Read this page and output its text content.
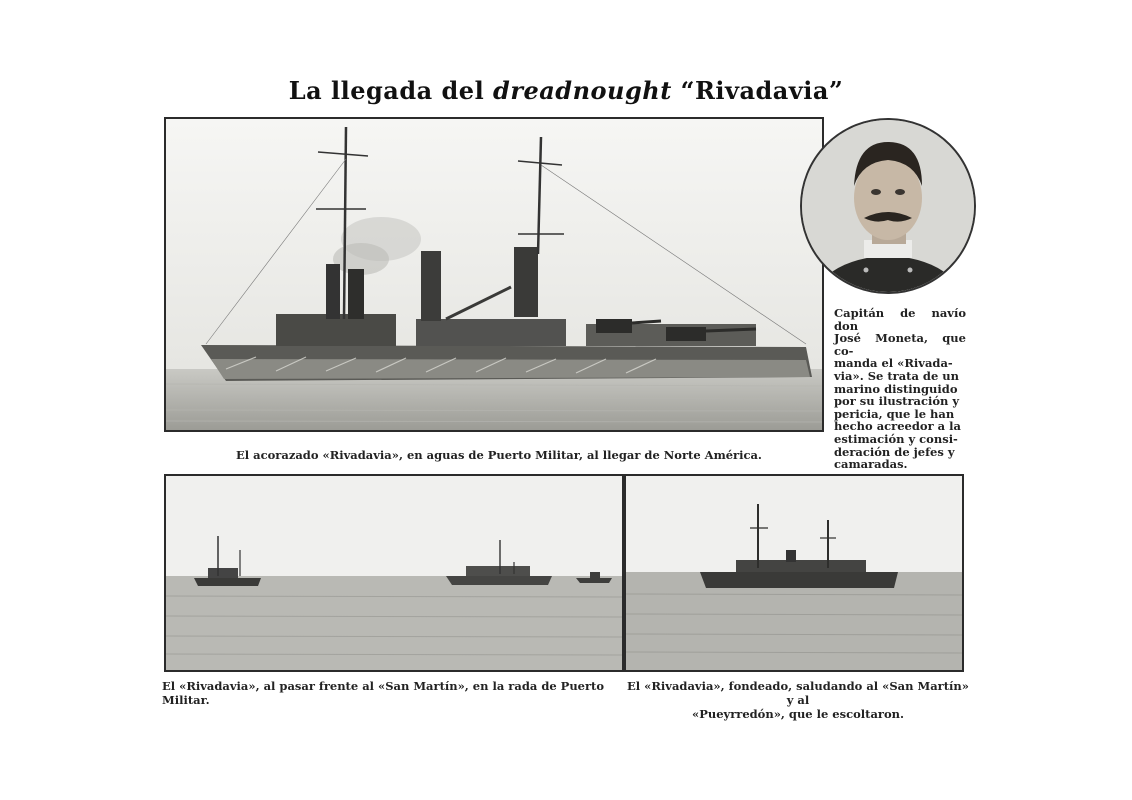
La llegada del dreadnought “Rivadavia”
El acorazado «Rivadavia», en aguas de Puerto Militar, al llegar de Norte América.
Capitán de navío don
José Moneta, que co-
manda el «Rivada-
via». Se trata de un
marino distinguido
por su ilustración y
pericia, que le han
hecho acreedor a la
estimación y consi-
deración de jefes y
camaradas.
El «Rivadavia», al pasar frente al «San Martín», en la rada de Puerto Militar.
El «Rivadavia», fondeado, saludando al «San Martín» y al
«Pueyrredón», que le escoltaron.
